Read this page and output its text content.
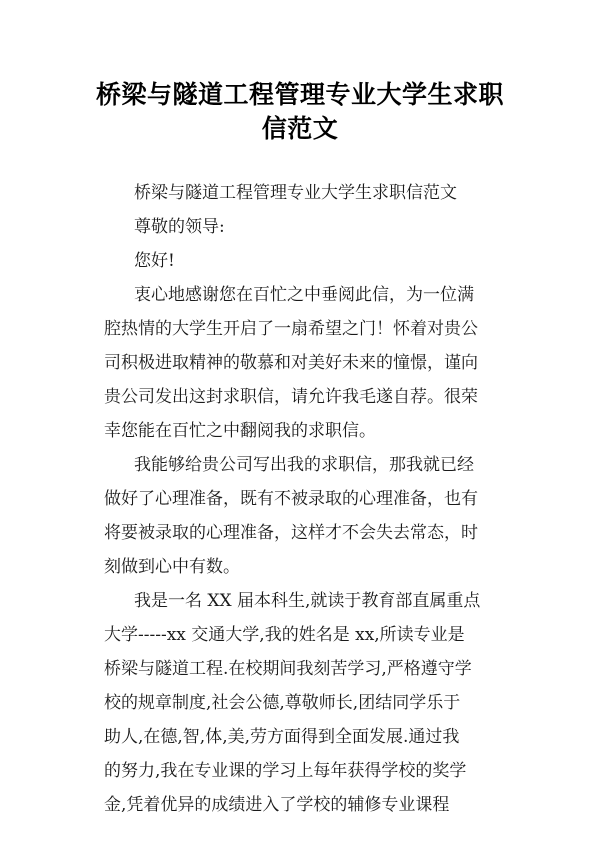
桥梁与隧道工程管理专业大学生求职
信范文
桥梁与隧道工程管理专业大学生求职信范文
尊敬的领导:
您好!
衷心地感谢您在百忙之中垂阅此信，为一位满
腔热情的大学生开启了一扇希望之门！怀着对贵公
司积极进取精神的敬慕和对美好未来的憧憬，谨向
贵公司发出这封求职信，请允许我毛遂自荐。很荣
幸您能在百忙之中翻阅我的求职信。
我能够给贵公司写出我的求职信，那我就已经
做好了心理准备，既有不被录取的心理准备，也有
将要被录取的心理准备，这样才不会失去常态，时
刻做到心中有数。
我是一名 XX 届本科生,就读于教育部直属重点
大学-----xx 交通大学,我的姓名是 xx,所读专业是
桥梁与隧道工程.在校期间我刻苦学习,严格遵守学
校的规章制度,社会公德,尊敬师长,团结同学乐于
助人,在德,智,体,美,劳方面得到全面发展.通过我
的努力,我在专业课的学习上每年获得学校的奖学
金,凭着优异的成绩进入了学校的辅修专业课程
